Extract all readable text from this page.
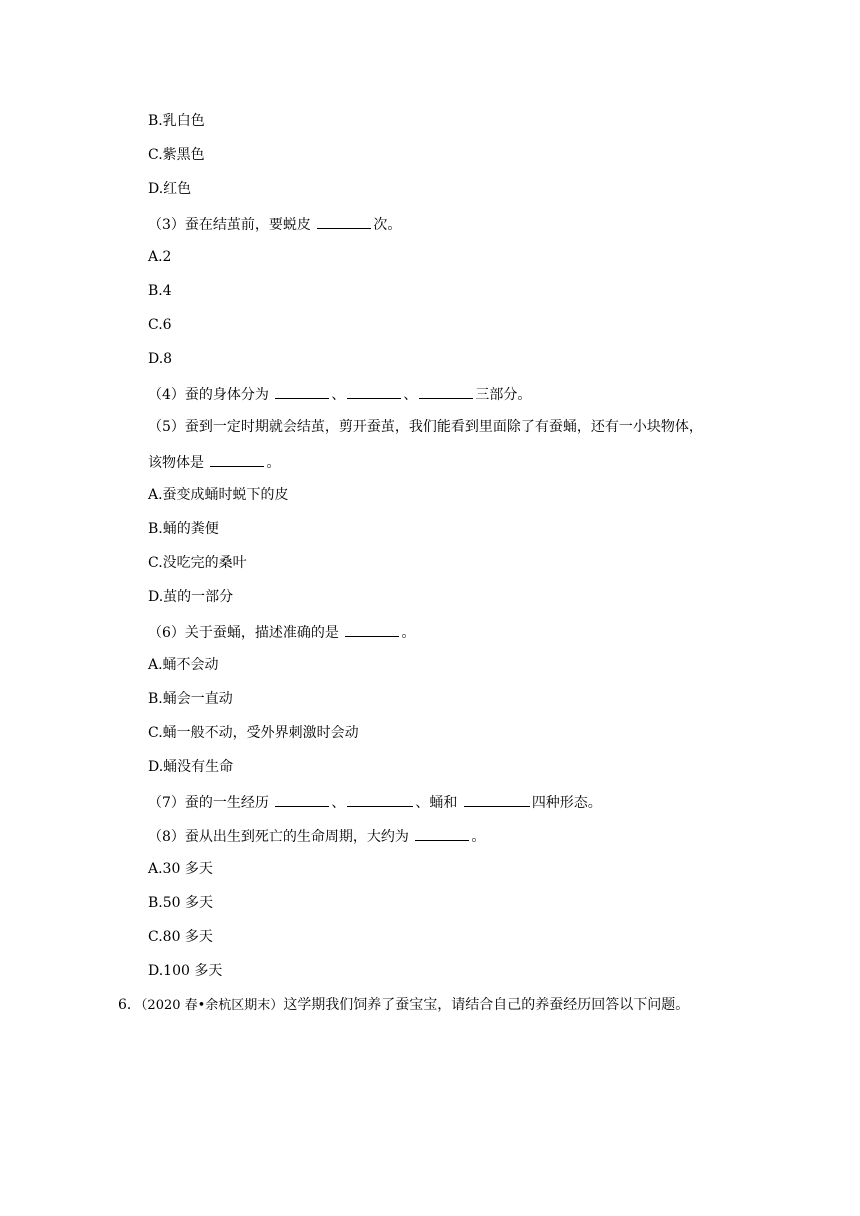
B.乳白色
C.紫黑色
D.红色
（3）蚕在结茧前，要蜕皮	次。
A.2
B.4
C.6
D.8
（4）蚕的身体分为	、	、	三部分。
（5）蚕到一定时期就会结茧，剪开蚕茧，我们能看到里面除了有蚕蛹，还有一小块物体，
该物体是	。
A.蚕变成蛹时蜕下的皮
B.蛹的粪便
C.没吃完的桑叶
D.茧的一部分
（6）关于蚕蛹，描述准确的是	。
A.蛹不会动
B.蛹会一直动
C.蛹一般不动，受外界刺激时会动
D.蛹没有生命
（7）蚕的一生经历	、	、蛹和	四种形态。
（8）蚕从出生到死亡的生命周期，大约为	。
A.30 多天
B.50 多天
C.80 多天
D.100 多天
6．（2020 春•余杭区期末）这学期我们饲养了蚕宝宝，请结合自己的养蚕经历回答以下问题。
